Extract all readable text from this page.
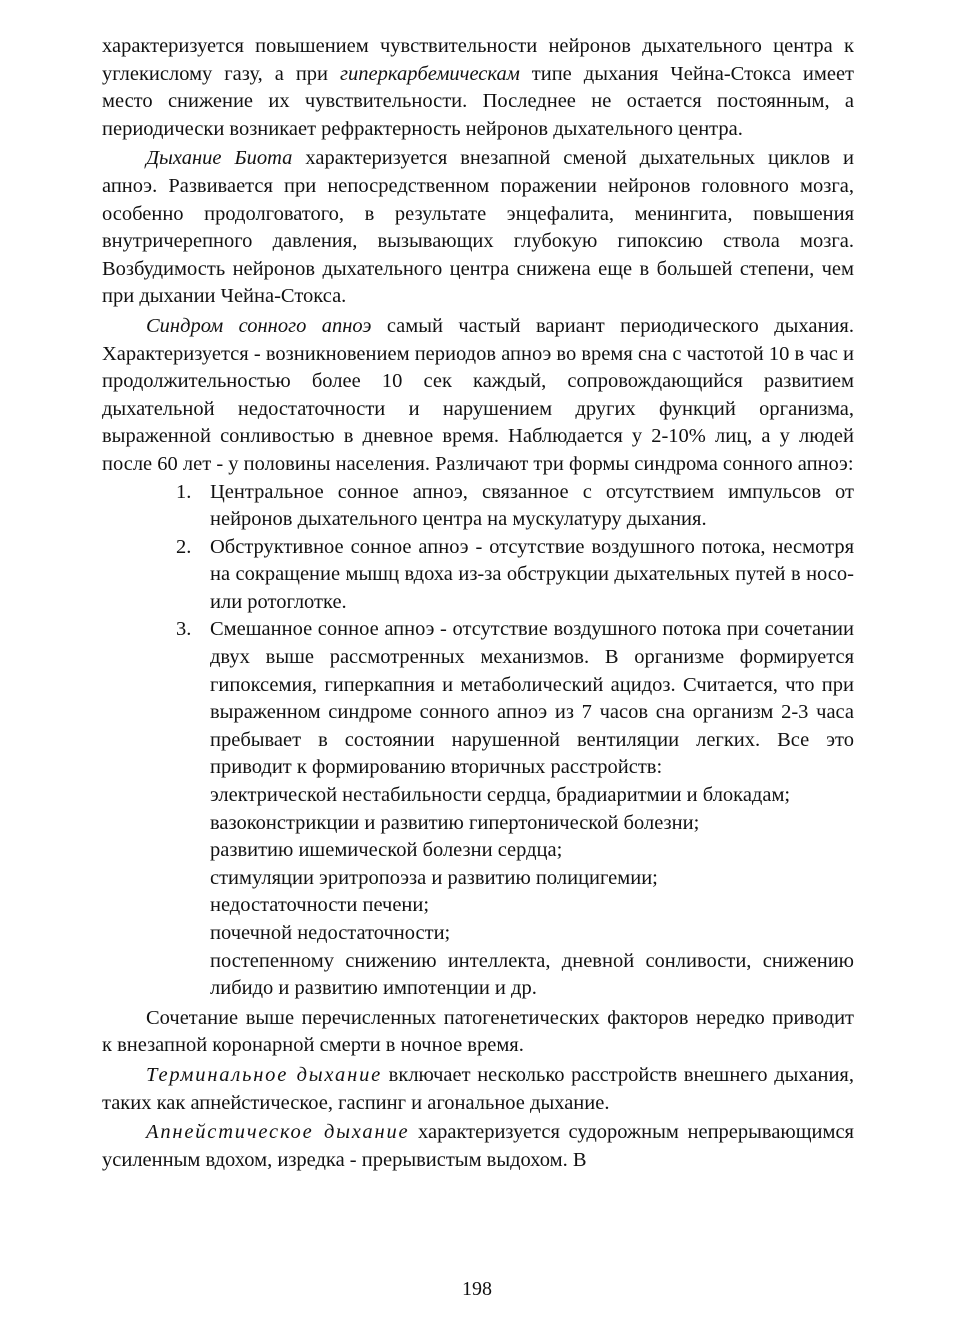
характеризуется повышением чувствительности нейронов дыхательного центра к углекислому газу, а при гиперкарбемическам типе дыхания Чейна-Стокса имеет место снижение их чувствительности. Последнее не остается постоянным, а периодически возникает рефрактерность нейронов дыхательного центра.

Дыхание Биота характеризуется внезапной сменой дыхательных циклов и апноэ. Развивается при непосредственном поражении нейронов головного мозга, особенно продолговатого, в результате энцефалита, менингита, повышения внутричерепного давления, вызывающих глубокую гипоксию ствола мозга. Возбудимость нейронов дыхательного центра снижена еще в большей степени, чем при дыхании Чейна-Стокса.

Синдром сонного апноэ самый частый вариант периодического дыхания. Характеризуется - возникновением периодов апноэ во время сна с частотой 10 в час и продолжительностью более 10 сек каждый, сопровождающийся развитием дыхательной недостаточности и нарушением других функций организма, выраженной сонливостью в дневное время. Наблюдается у 2-10% лиц, а у людей после 60 лет - у половины населения. Различают три формы синдрома сонного апноэ:

1. Центральное сонное апноэ, связанное с отсутствием импульсов от нейронов дыхательного центра на мускулатуру дыхания.
2. Обструктивное сонное апноэ - отсутствие воздушного потока, несмотря на сокращение мышц вдоха из-за обструкции дыхательных путей в носо- или ротоглотке.
3. Смешанное сонное апноэ - отсутствие воздушного потока при сочетании двух выше рассмотренных механизмов. В организме формируется гипоксемия, гиперкапния и метаболический ацидоз. Считается, что при выраженном синдроме сонного апноэ из 7 часов сна организм 2-3 часа пребывает в состоянии нарушенной вентиляции легких. Все это приводит к формированию вторичных расстройств:
электрической нестабильности сердца, брадиаритмии и блокадам;
вазоконстрикции и развитию гипертонической болезни;
развитию ишемической болезни сердца;
стимуляции эритропоэза и развитию полицигемии;
недостаточности печени;
почечной недостаточности;
постепенному снижению интеллекта, дневной сонливости, снижению либидо и развитию импотенции и др.

Сочетание выше перечисленных патогенетических факторов нередко приводит к внезапной коронарной смерти в ночное время.

Терминальное дыхание включает несколько расстройств внешнего дыхания, таких как апнейстическое, гаспинг и агональное дыхание.

Апнейстическое дыхание характеризуется судорожным непрерывающимся усиленным вдохом, изредка - прерывистым выдохом. В

198
